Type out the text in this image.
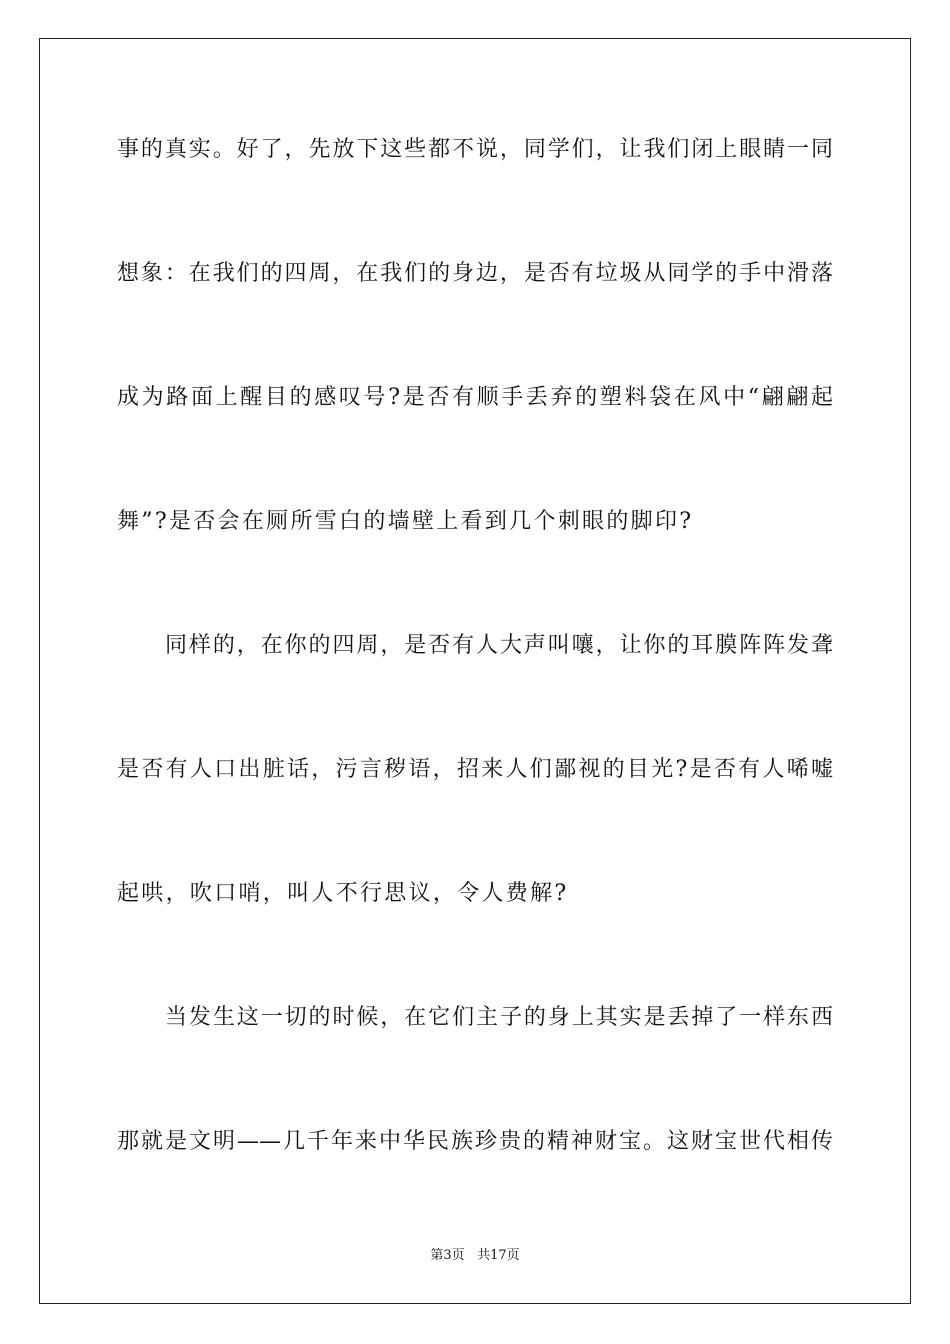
事的真实。好了，先放下这些都不说，同学们，让我们闭上眼睛一同
想象：在我们的四周，在我们的身边，是否有垃圾从同学的手中滑落
成为路面上醒目的感叹号?是否有顺手丢弃的塑料袋在风中“翩翩起
舞”?是否会在厕所雪白的墙壁上看到几个刺眼的脚印?
同样的，在你的四周，是否有人大声叫嚷，让你的耳膜阵阵发聋
是否有人口出脏话，污言秽语，招来人们鄙视的目光?是否有人唏嘘
起哄，吹口哨，叫人不行思议，令人费解?
当发生这一切的时候，在它们主子的身上其实是丢掉了一样东西
那就是文明——几千年来中华民族珍贵的精神财宝。这财宝世代相传
第3页 共17页
